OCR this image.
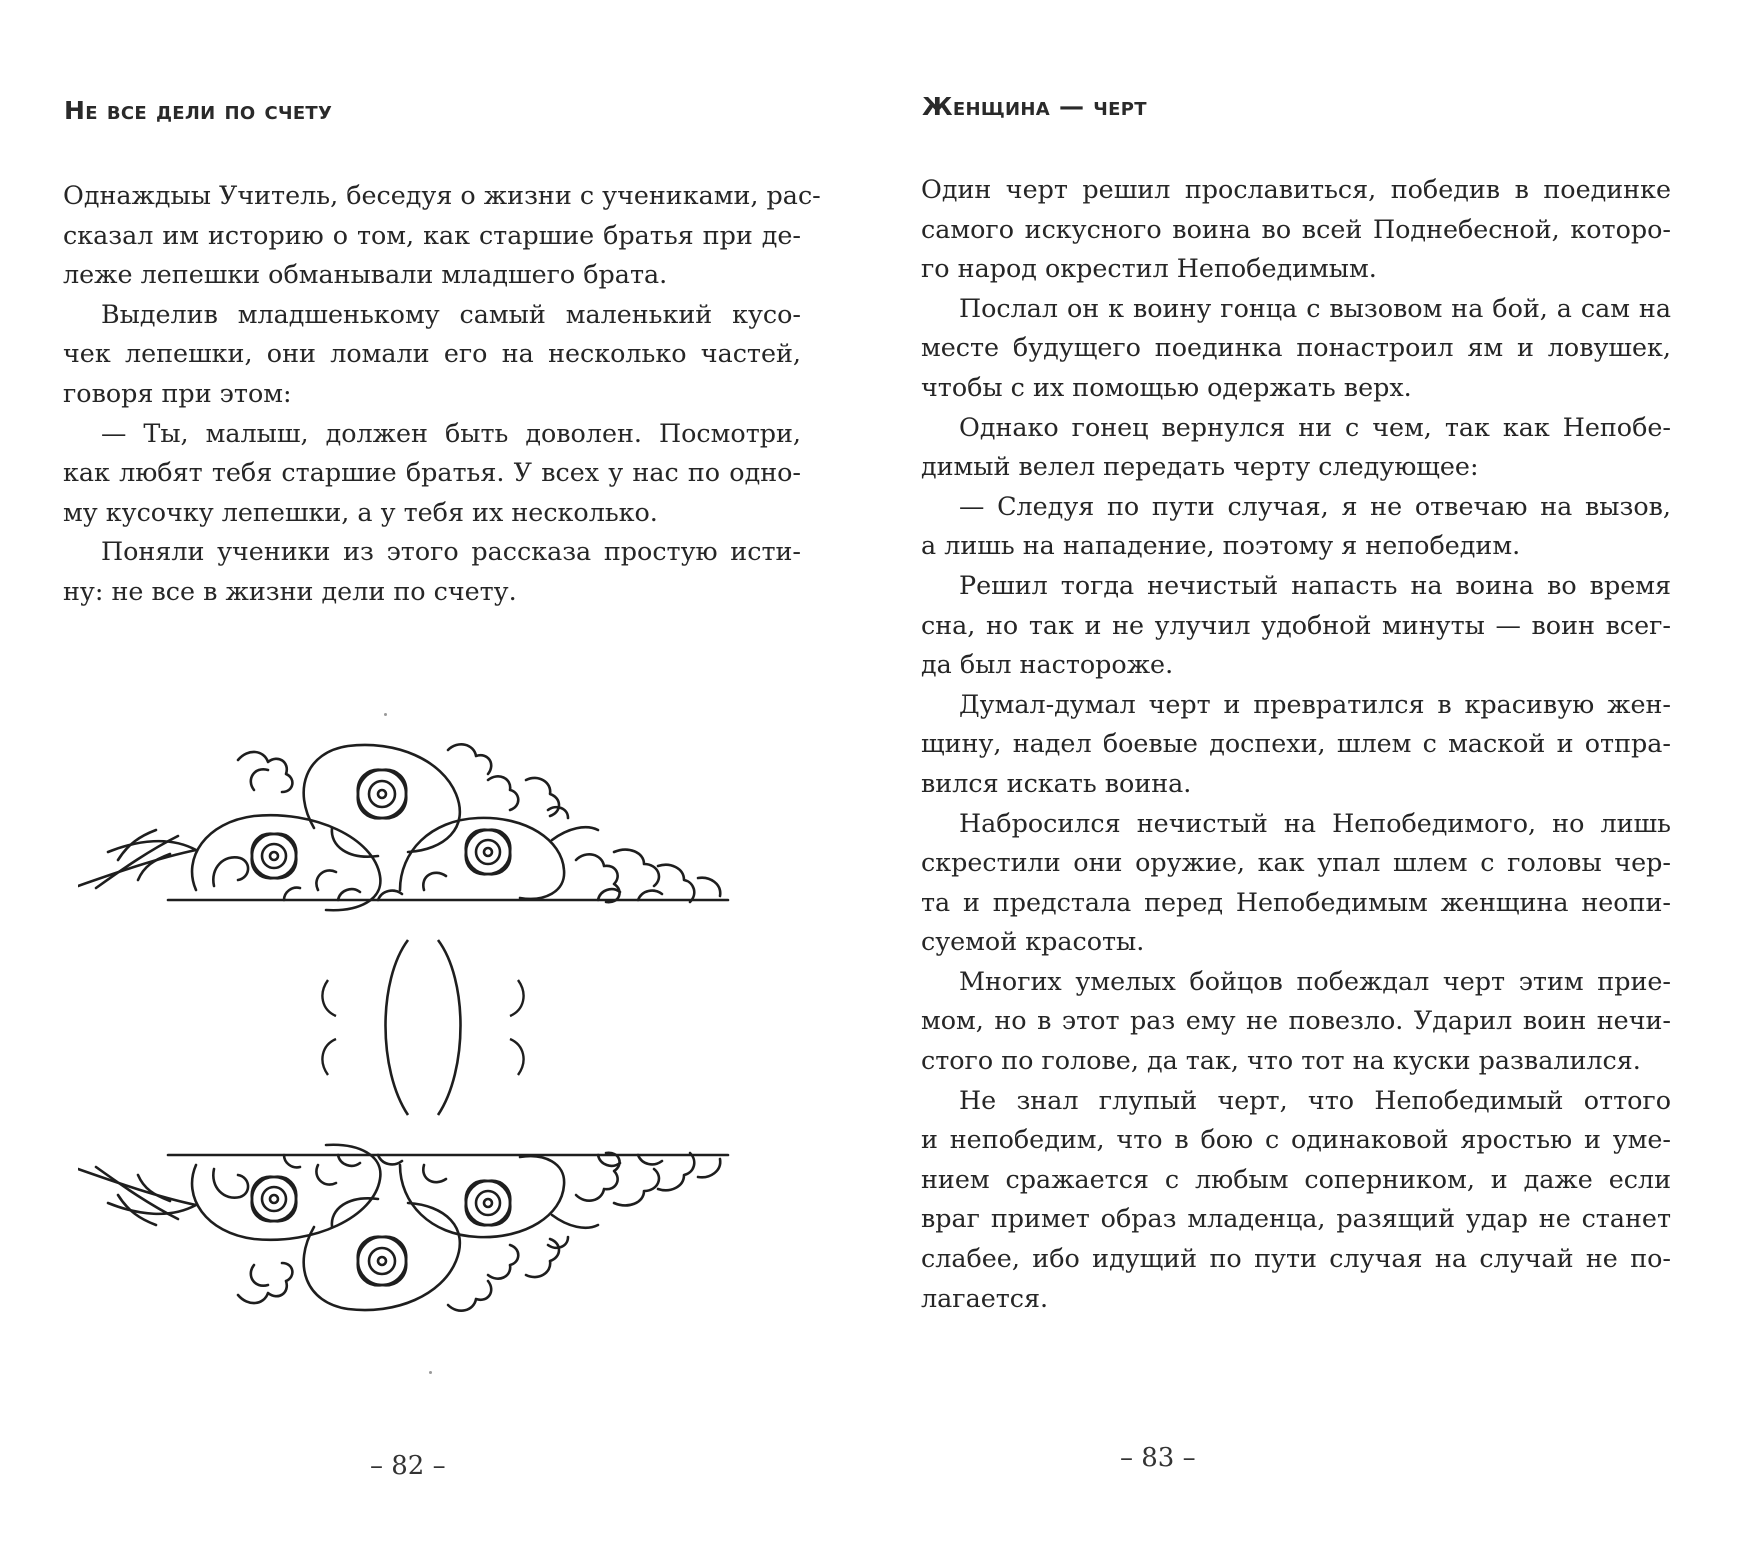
Не все дели по счету
Однаждыы Учитель, беседуя о жизни с учениками, рас-
сказал им историю о том, как старшие братья при де-
леже лепешки обманывали младшего брата.
Выделив младшенькому самый маленький кусо-
чек лепешки, они ломали его на несколько частей,
говоря при этом:
— Ты, малыш, должен быть доволен. Посмотри,
как любят тебя старшие братья. У всех у нас по одно-
му кусочку лепешки, а у тебя их несколько.
Поняли ученики из этого рассказа простую исти-
ну: не все в жизни дели по счету.
– 82 –
Женщина — черт
Один черт решил прославиться, победив в поединке
самого искусного воина во всей Поднебесной, которо-
го народ окрестил Непобедимым.
Послал он к воину гонца с вызовом на бой, а сам на
месте будущего поединка понастроил ям и ловушек,
чтобы с их помощью одержать верх.
Однако гонец вернулся ни с чем, так как Непобе-
димый велел передать черту следующее:
— Следуя по пути случая, я не отвечаю на вызов,
а лишь на нападение, поэтому я непобедим.
Решил тогда нечистый напасть на воина во время
сна, но так и не улучил удобной минуты — воин всег-
да был настороже.
Думал-думал черт и превратился в красивую жен-
щину, надел боевые доспехи, шлем с маской и отпра-
вился искать воина.
Набросился нечистый на Непобедимого, но лишь
скрестили они оружие, как упал шлем с головы чер-
та и предстала перед Непобедимым женщина неопи-
суемой красоты.
Многих умелых бойцов побеждал черт этим прие-
мом, но в этот раз ему не повезло. Ударил воин нечи-
стого по голове, да так, что тот на куски развалился.
Не знал глупый черт, что Непобедимый оттого
и непобедим, что в бою с одинаковой яростью и уме-
нием сражается с любым соперником, и даже если
враг примет образ младенца, разящий удар не станет
слабее, ибо идущий по пути случая на случай не по-
лагается.
– 83 –
